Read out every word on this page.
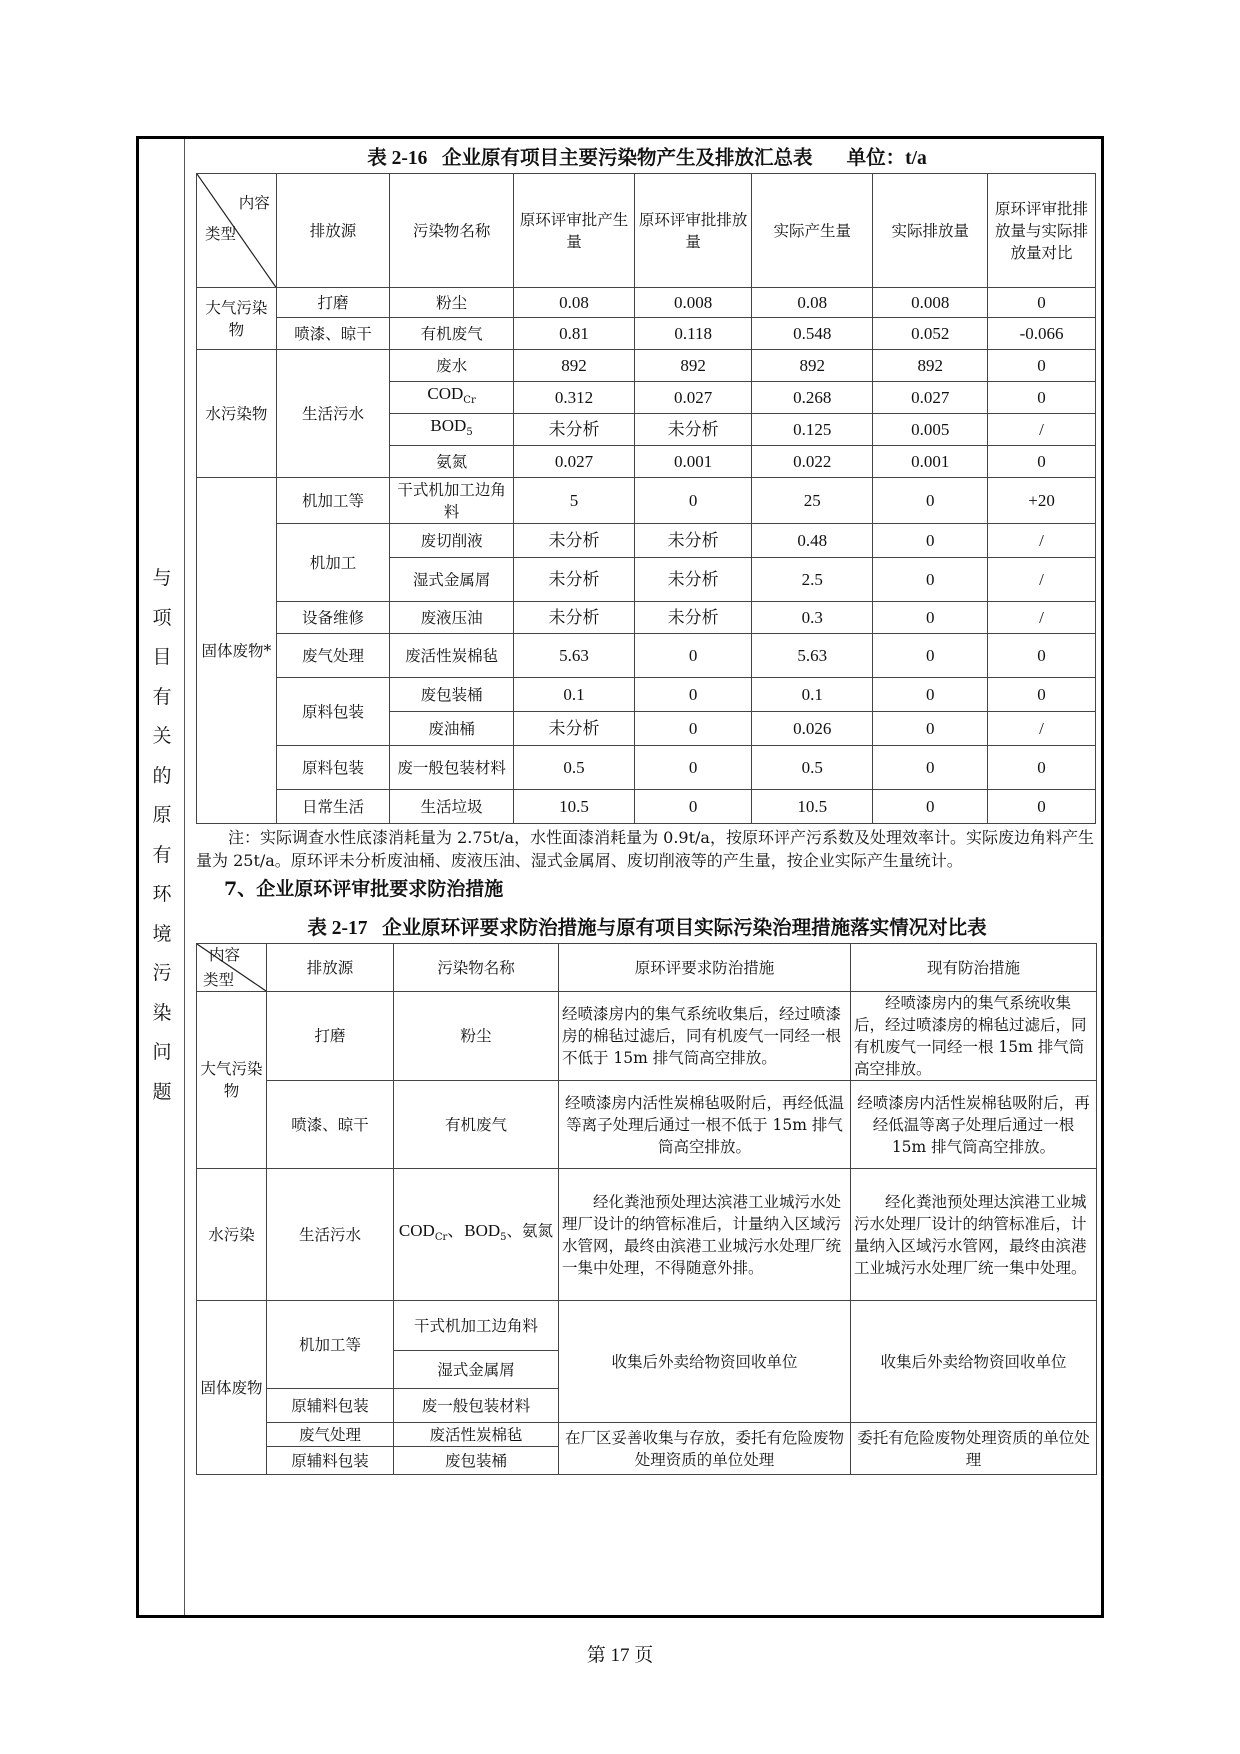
与
项
目
有
关
的
原
有
环
境
污
染
问
题
表 2-16   企业原有项目主要污染物产生及排放汇总表       单位：t/a
内容
类型	排放源	污染物名称	原环评审批产生量	原环评审批排放量	实际产生量	实际排放量	原环评审批排放量与实际排放量对比
大气污染物	打磨	粉尘	0.08	0.008	0.08	0.008	0
	喷漆、晾干	有机废气	0.81	0.118	0.548	0.052	-0.066
水污染物	生活污水	废水	892	892	892	892	0
		$COD_{Cr}$	0.312	0.027	0.268	0.027	0
		$BOD_5$	未分析	未分析	0.125	0.005	/
		氨氮	0.027	0.001	0.022	0.001	0
固体废物*	机加工等	干式机加工边角料	5	0	25	0	+20
	机加工	废切削液	未分析	未分析	0.48	0	/
		湿式金属屑	未分析	未分析	2.5	0	/
	设备维修	废液压油	未分析	未分析	0.3	0	/
	废气处理	废活性炭棉毡	5.63	0	5.63	0	0
	原料包装	废包装桶	0.1	0	0.1	0	0
		废油桶	未分析	0	0.026	0	/
	原料包装	废一般包装材料	0.5	0	0.5	0	0
	日常生活	生活垃圾	10.5	0	10.5	0	0

注：实际调查水性底漆消耗量为 2.75t/a，水性面漆消耗量为 0.9t/a，按原环评产污系数及处理效率计。实际废边角料产生量为 25t/a。原环评未分析废油桶、废液压油、湿式金属屑、废切削液等的产生量，按企业实际产生量统计。

7、企业原环评审批要求防治措施
表 2-17   企业原环评要求防治措施与原有项目实际污染治理措施落实情况对比表
内容
类型	排放源	污染物名称	原环评要求防治措施	现有防治措施
大气污染物	打磨	粉尘	经喷漆房内的集气系统收集后，经过喷漆房的棉毡过滤后，同有机废气一同经一根不低于 15m 排气筒高空排放。	经喷漆房内的集气系统收集后，经过喷漆房的棉毡过滤后，同有机废气一同经一根 15m 排气筒高空排放。
	喷漆、晾干	有机废气	经喷漆房内活性炭棉毡吸附后，再经低温等离子处理后通过一根不低于 15m 排气筒高空排放。	经喷漆房内活性炭棉毡吸附后，再经低温等离子处理后通过一根 15m 排气筒高空排放。
水污染	生活污水	$COD_{Cr}$、$BOD_5$、氨氮	经化粪池预处理达滨港工业城污水处理厂设计的纳管标准后，计量纳入区域污水管网，最终由滨港工业城污水处理厂统一集中处理，不得随意外排。	经化粪池预处理达滨港工业城污水处理厂设计的纳管标准后，计量纳入区域污水管网，最终由滨港工业城污水处理厂统一集中处理。
固体废物	机加工等	干式机加工边角料	收集后外卖给物资回收单位	收集后外卖给物资回收单位
		湿式金属屑		
	原辅料包装	废一般包装材料		
	废气处理	废活性炭棉毡	在厂区妥善收集与存放，委托有危险废物处理资质的单位处理	委托有危险废物处理资质的单位处理
	原辅料包装	废包装桶		
第 17 页
